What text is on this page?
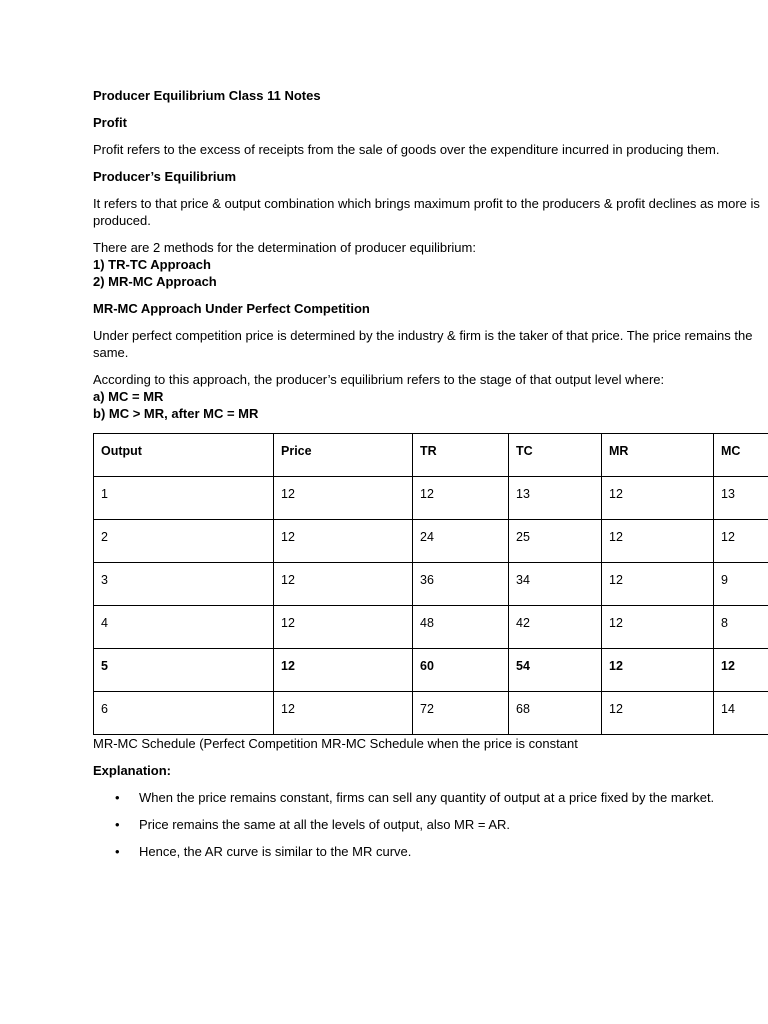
Producer Equilibrium Class 11 Notes

Profit

Profit refers to the excess of receipts from the sale of goods over the expenditure incurred in producing them.

Producer’s Equilibrium

It refers to that price & output combination which brings maximum profit to the producers & profit declines as more is produced.

There are 2 methods for the determination of producer equilibrium:

1) TR-TC Approach

2) MR-MC Approach

MR-MC Approach Under Perfect Competition

Under perfect competition price is determined by the industry & firm is the taker of that price. The price remains the same.

According to this approach, the producer’s equilibrium refers to the stage of that output level where:

a) MC = MR

b) MC > MR, after MC = MR

Output	Price	TR	TC	MR	MC

1	12	12	13	12	13

2	12	24	25	12	12

3	12	36	34	12	9

4	12	48	42	12	8

5	12	60	54	12	12

6	12	72	68	12	14

MR-MC Schedule (Perfect Competition MR-MC Schedule when the price is constant

Explanation:

• When the price remains constant, firms can sell any quantity of output at a price fixed by the market.
• Price remains the same at all the levels of output, also MR = AR.
• Hence, the AR curve is similar to the MR curve.
